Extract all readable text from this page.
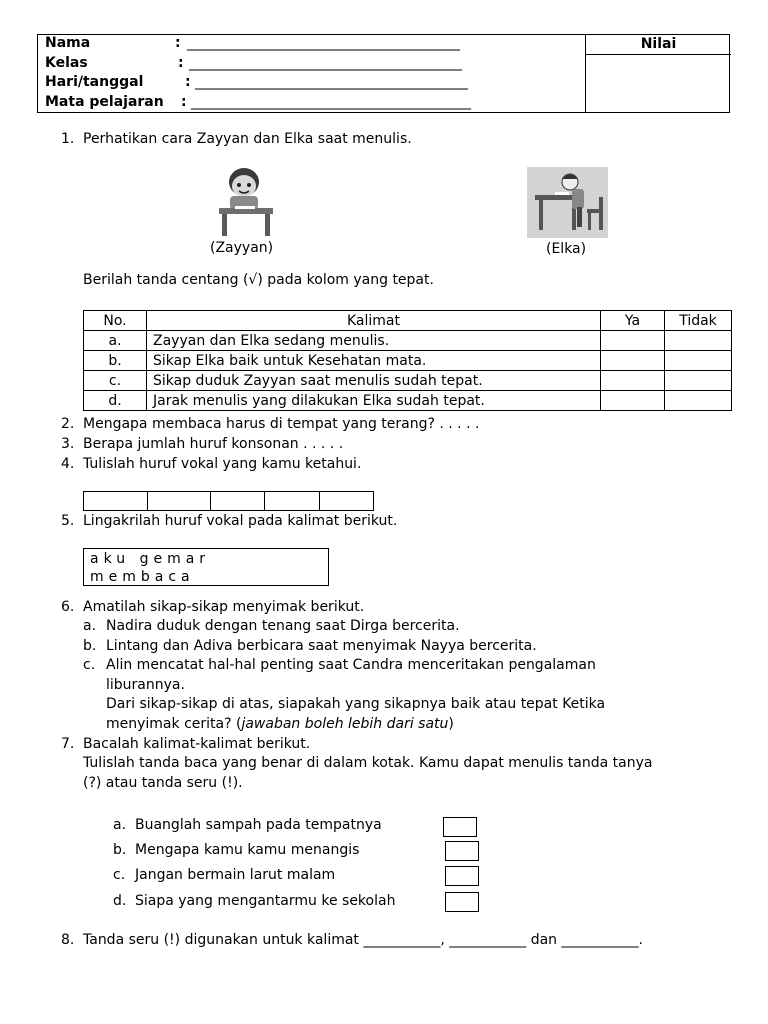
Nilai
Nama	: _______________________________________
Kelas	: _______________________________________
Hari/tanggal	: _______________________________________
Mata pelajaran : ________________________________________
1. Perhatikan cara Zayyan dan Elka saat menulis.
(Zayyan)	(Elka)
Berilah tanda centang (√) pada kolom yang tepat.
No.	Kalimat	Ya	Tidak
a.	Zayyan dan Elka sedang menulis.		
b.	Sikap Elka baik untuk Kesehatan mata.		
c.	Sikap duduk Zayyan saat menulis sudah tepat.		
d.	Jarak menulis yang dilakukan Elka sudah tepat.		
2. Mengapa membaca harus di tempat yang terang? . . . . .
3. Berapa jumlah huruf konsonan . . . . .
4. Tulislah huruf vokal yang kamu ketahui.

5. Lingakrilah huruf vokal pada kalimat berikut.
aku gemar membaca
6. Amatilah sikap-sikap menyimak berikut.
a. Nadira duduk dengan tenang saat Dirga bercerita.
b. Lintang dan Adiva berbicara saat menyimak Nayya bercerita.
c. Alin mencatat hal-hal penting saat Candra menceritakan pengalaman
liburannya.
Dari sikap-sikap di atas, siapakah yang sikapnya baik atau tepat Ketika
menyimak cerita? (jawaban boleh lebih dari satu)
7. Bacalah kalimat-kalimat berikut.
Tulislah tanda baca yang benar di dalam kotak. Kamu dapat menulis tanda tanya
(?) atau tanda seru (!).
a. Buanglah sampah pada tempatnya
b. Mengapa kamu kamu menangis
c. Jangan bermain larut malam
d. Siapa yang mengantarmu ke sekolah
8. Tanda seru (!) digunakan untuk kalimat ___________, ___________ dan ___________.
